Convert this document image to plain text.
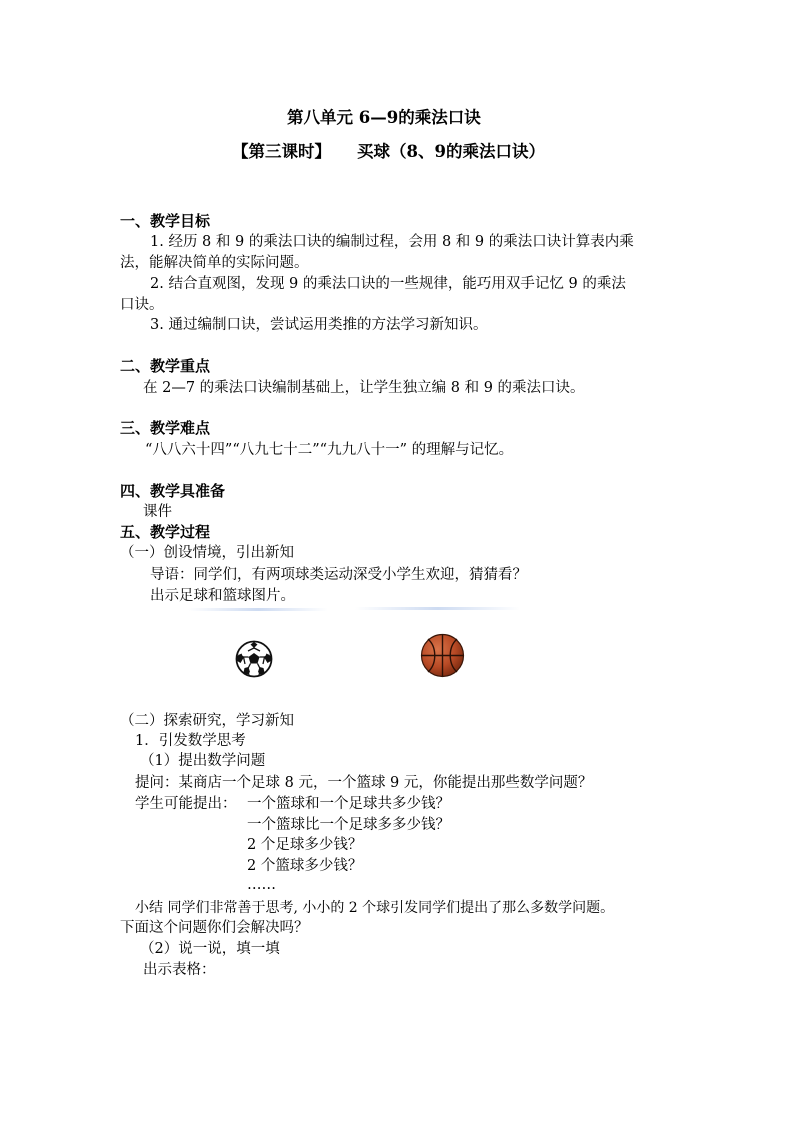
第八单元 6—9的乘法口诀
【第三课时】 买球（8、9的乘法口诀）
一、教学目标
1. 经历 8 和 9 的乘法口诀的编制过程，会用 8 和 9 的乘法口诀计算表内乘
法，能解决简单的实际问题。
2. 结合直观图，发现 9 的乘法口诀的一些规律，能巧用双手记忆 9 的乘法
口诀。
3. 通过编制口诀，尝试运用类推的方法学习新知识。
二、教学重点
在 2—7 的乘法口诀编制基础上，让学生独立编 8 和 9 的乘法口诀。
三、教学难点
“八八六十四”“八九七十二”“九九八十一” 的理解与记忆。
四、教学具准备
课件
五、教学过程
（一）创设情境，引出新知
导语：同学们，有两项球类运动深受小学生欢迎，猜猜看？
出示足球和篮球图片。
（二）探索研究，学习新知
1．引发数学思考
（1）提出数学问题
提问：某商店一个足球 8 元，一个篮球 9 元，你能提出那些数学问题？
学生可能提出： 一个篮球和一个足球共多少钱？
一个篮球比一个足球多多少钱？
2 个足球多少钱？
2 个篮球多少钱？
……
小结 同学们非常善于思考, 小小的 2 个球引发同学们提出了那么多数学问题。
下面这个问题你们会解决吗？
（2）说一说，填一填
出示表格：
